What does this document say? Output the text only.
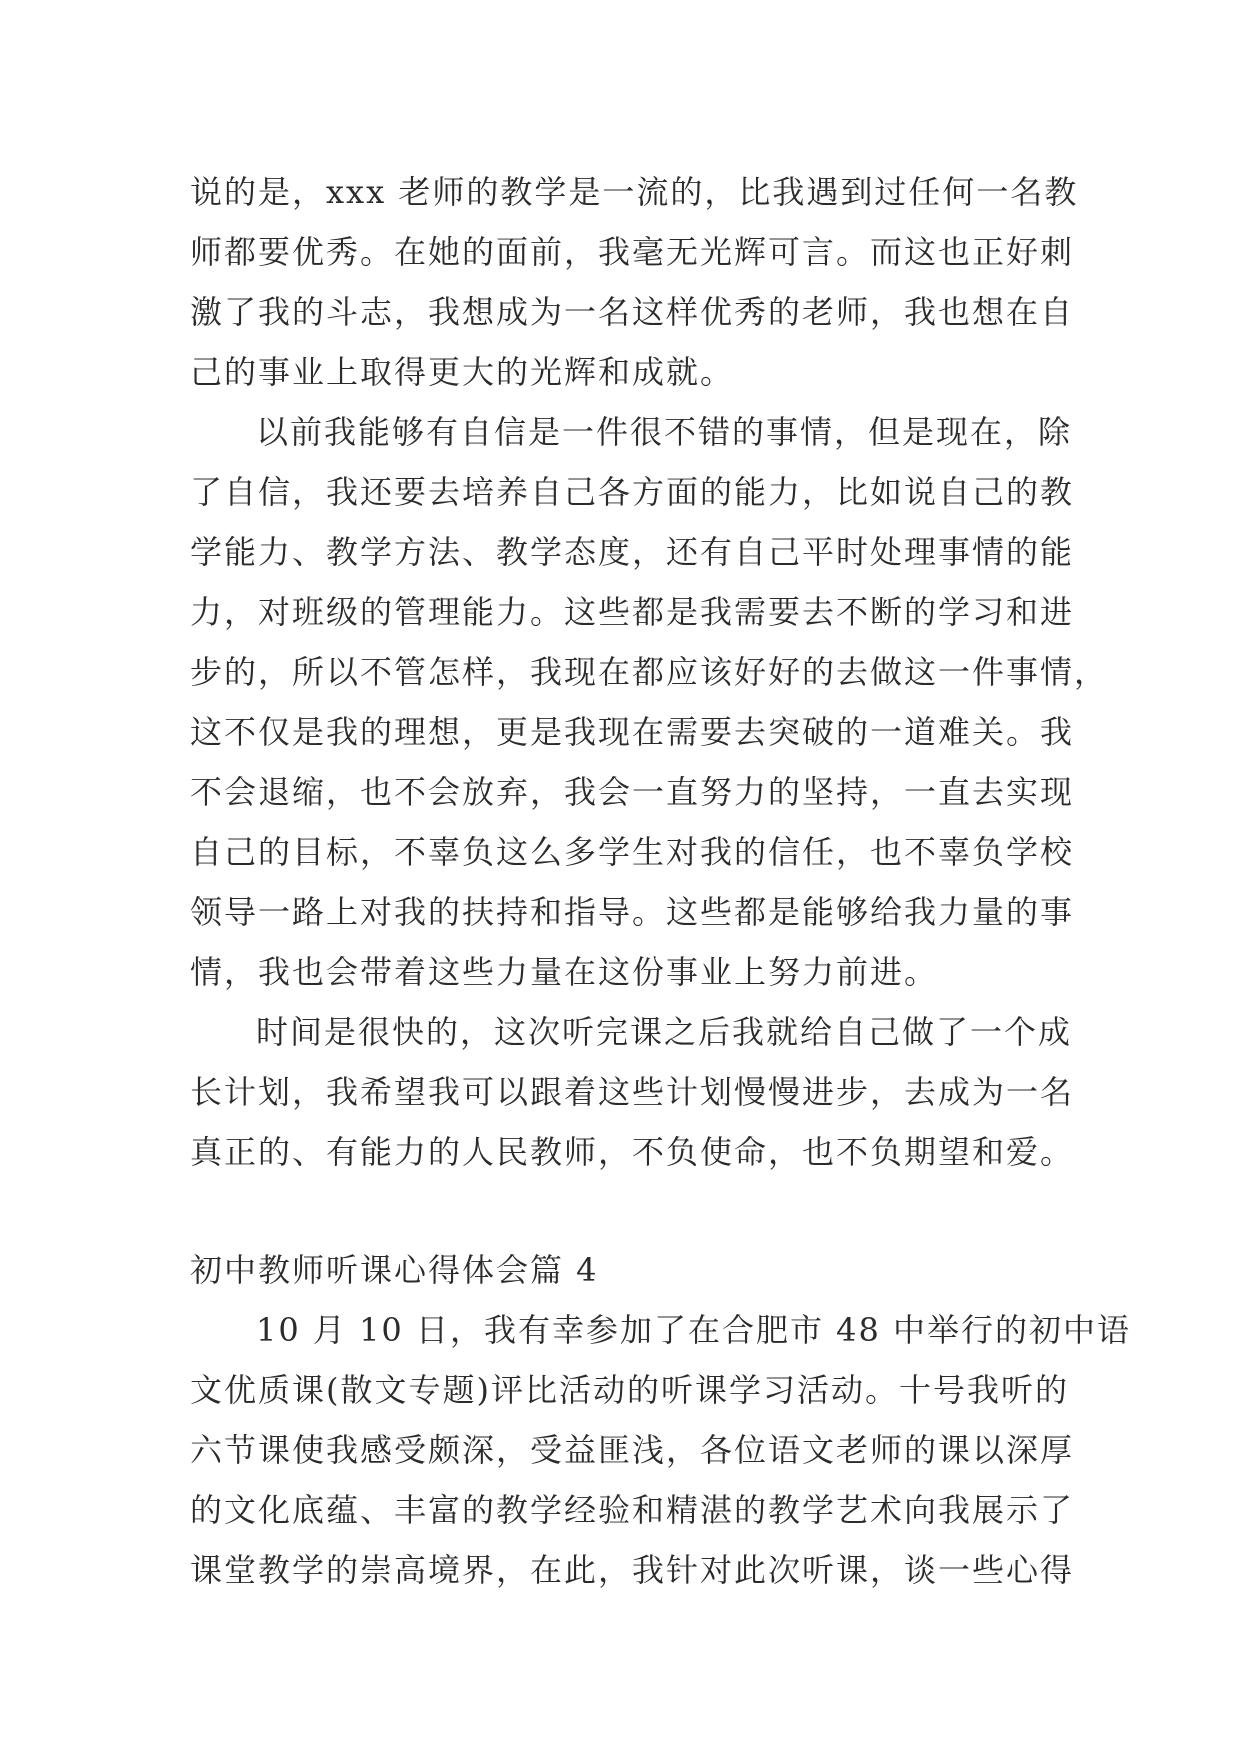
说的是，xxx 老师的教学是一流的，比我遇到过任何一名教
师都要优秀。在她的面前，我毫无光辉可言。而这也正好刺
激了我的斗志，我想成为一名这样优秀的老师，我也想在自
己的事业上取得更大的光辉和成就。
以前我能够有自信是一件很不错的事情，但是现在，除
了自信，我还要去培养自己各方面的能力，比如说自己的教
学能力、教学方法、教学态度，还有自己平时处理事情的能
力，对班级的管理能力。这些都是我需要去不断的学习和进
步的，所以不管怎样，我现在都应该好好的去做这一件事情，
这不仅是我的理想，更是我现在需要去突破的一道难关。我
不会退缩，也不会放弃，我会一直努力的坚持，一直去实现
自己的目标，不辜负这么多学生对我的信任，也不辜负学校
领导一路上对我的扶持和指导。这些都是能够给我力量的事
情，我也会带着这些力量在这份事业上努力前进。
时间是很快的，这次听完课之后我就给自己做了一个成
长计划，我希望我可以跟着这些计划慢慢进步，去成为一名
真正的、有能力的人民教师，不负使命，也不负期望和爱。
初中教师听课心得体会篇 4
10 月 10 日，我有幸参加了在合肥市 48 中举行的初中语
文优质课(散文专题)评比活动的听课学习活动。十号我听的
六节课使我感受颇深，受益匪浅，各位语文老师的课以深厚
的文化底蕴、丰富的教学经验和精湛的教学艺术向我展示了
课堂教学的崇高境界，在此，我针对此次听课，谈一些心得
